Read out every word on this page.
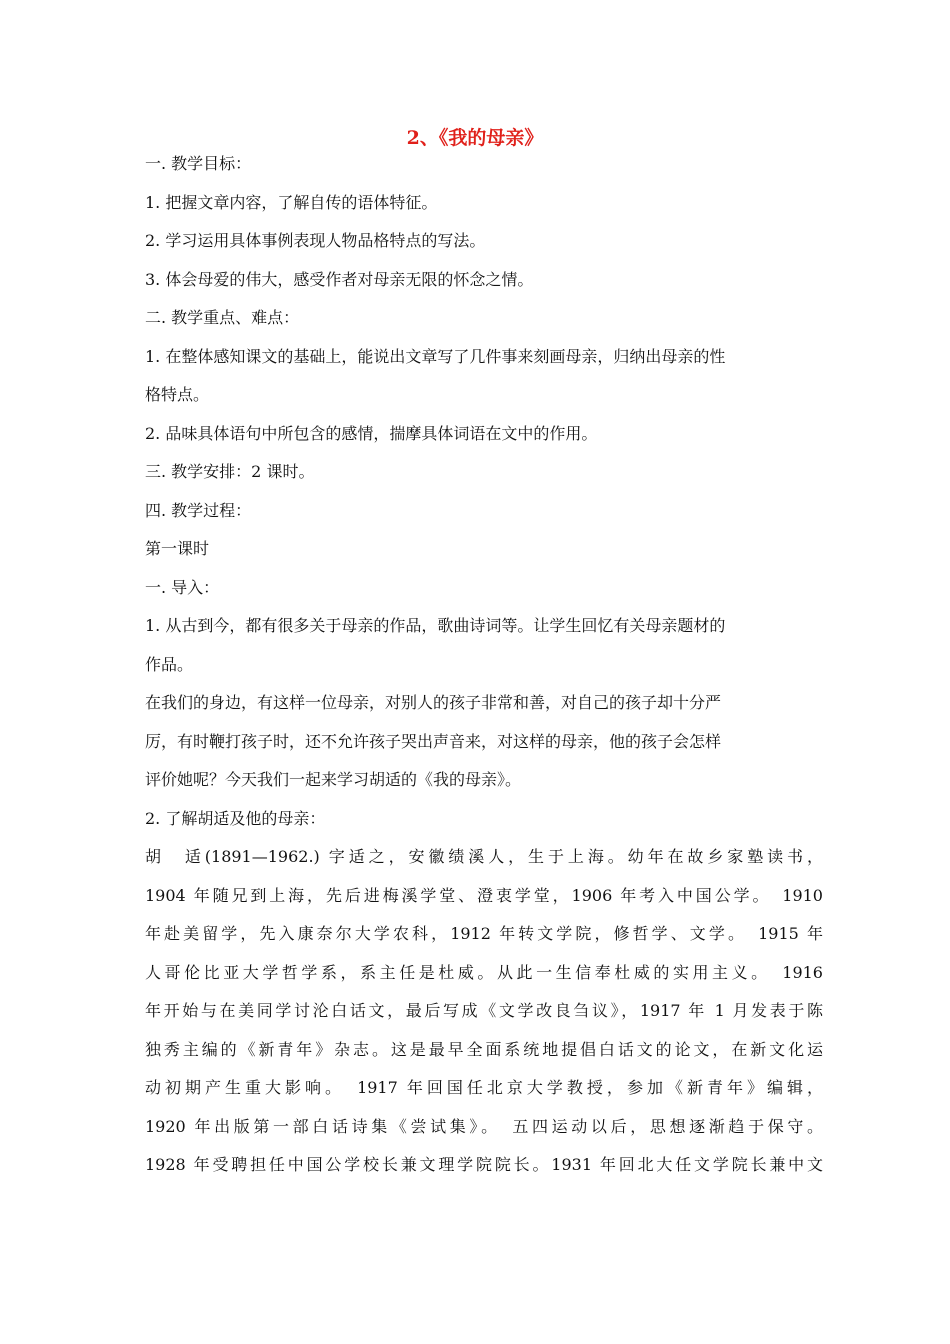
2、《我的母亲》
一. 教学目标：
1. 把握文章内容，了解自传的语体特征。
2. 学习运用具体事例表现人物品格特点的写法。
3. 体会母爱的伟大，感受作者对母亲无限的怀念之情。
二. 教学重点、难点：
1. 在整体感知课文的基础上，能说出文章写了几件事来刻画母亲，归纳出母亲的性
格特点。
2. 品味具体语句中所包含的感情，揣摩具体词语在文中的作用。
三. 教学安排：2 课时。
四. 教学过程：
第一课时
一. 导入：
1. 从古到今，都有很多关于母亲的作品，歌曲诗词等。让学生回忆有关母亲题材的
作品。
在我们的身边，有这样一位母亲，对别人的孩子非常和善，对自己的孩子却十分严
厉，有时鞭打孩子时，还不允许孩子哭出声音来，对这样的母亲，他的孩子会怎样
评价她呢？今天我们一起来学习胡适的《我的母亲》。
2. 了解胡适及他的母亲：
胡　适(1891—1962.) 字适之，安徽绩溪人，生于上海。幼年在故乡家塾读书，
1904 年随兄到上海，先后进梅溪学堂、澄衷学堂，1906 年考入中国公学。　1910
年赴美留学，先入康奈尔大学农科，1912 年转文学院，修哲学、文学。　1915 年
人哥伦比亚大学哲学系，系主任是杜威。从此一生信奉杜威的实用主义。　1916
年开始与在美同学讨沦白话文，最后写成《文学改良刍议》，1917 年 1 月发表于陈
独秀主编的《新青年》杂志。这是最早全面系统地提倡白话文的论文，在新文化运
动初期产生重大影响。　1917 年回国任北京大学教授，参加《新青年》编辑，
1920 年出版第一部白话诗集《尝试集》。　五四运动以后，思想逐渐趋于保守。
1928 年受聘担任中国公学校长兼文理学院院长。1931 年回北大任文学院长兼中文
